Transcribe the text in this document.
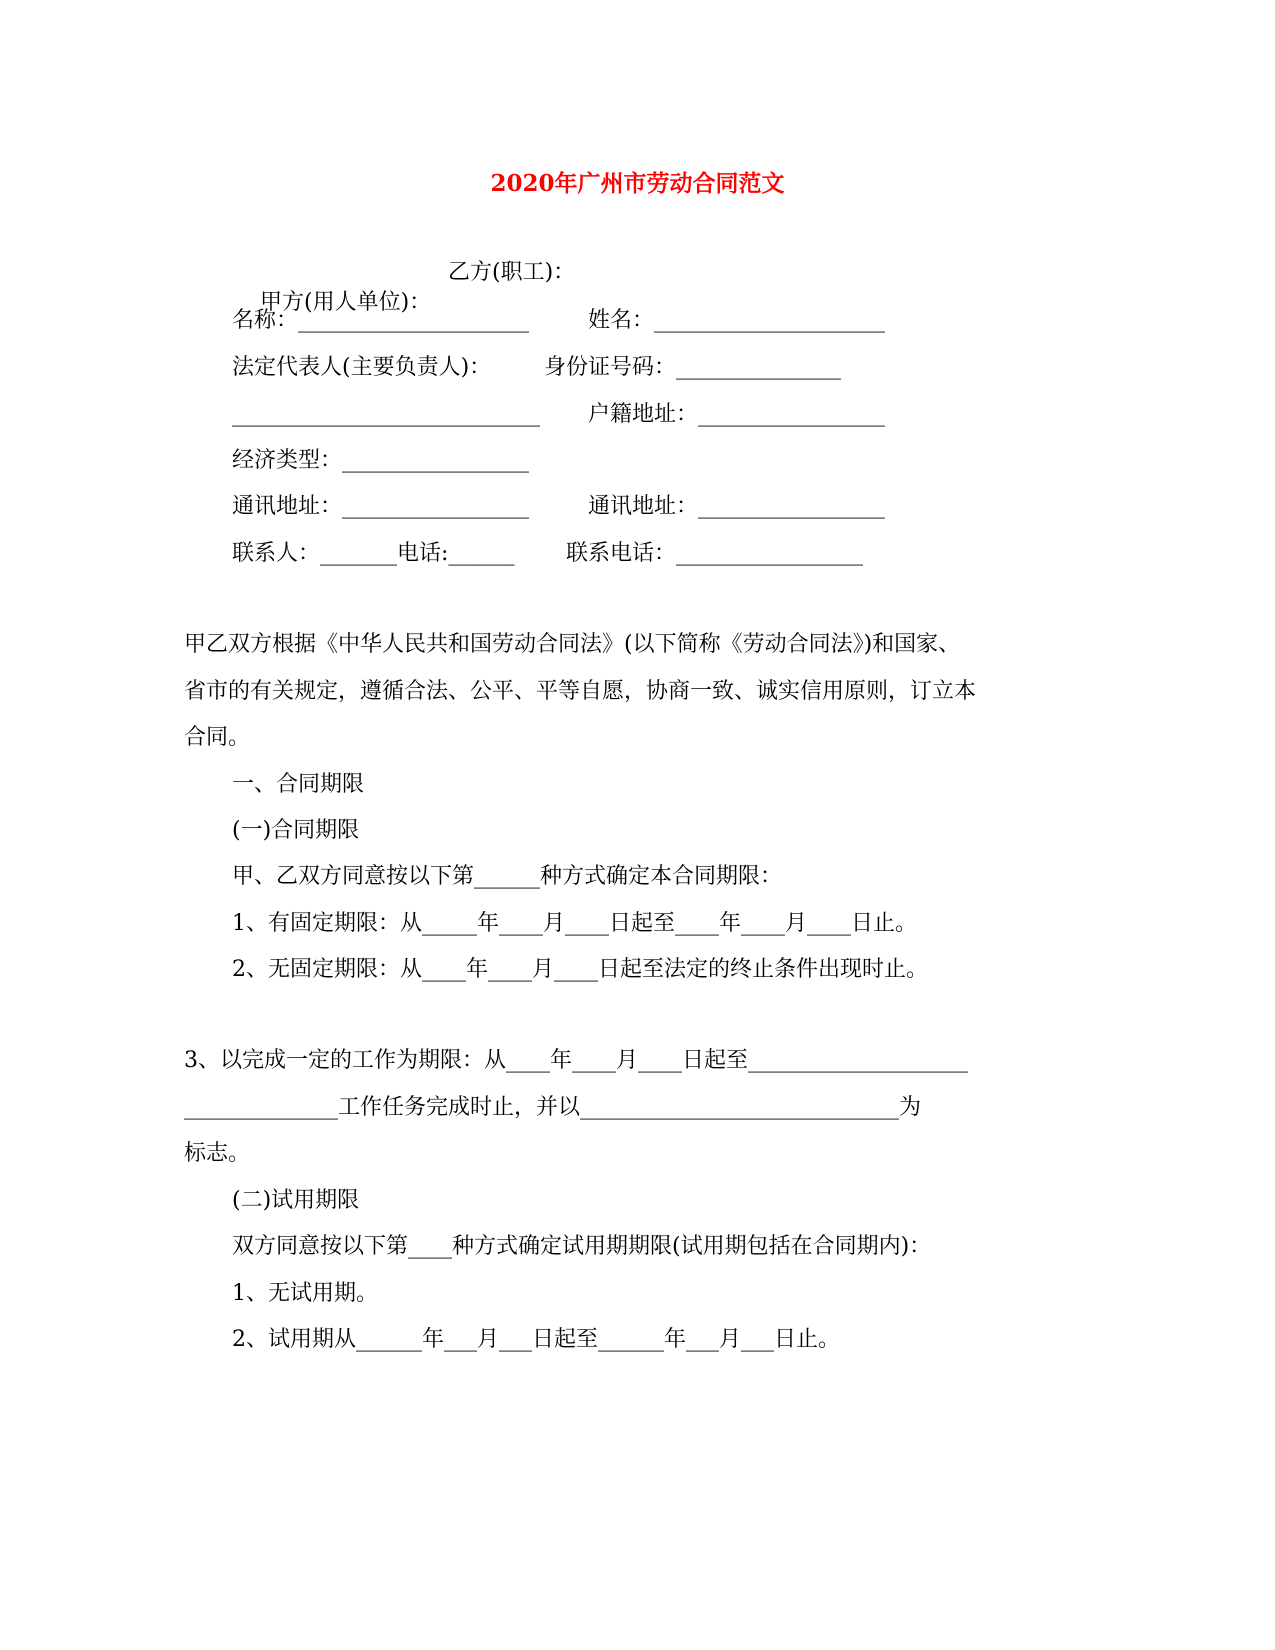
2020年广州市劳动合同范文

甲方(用人单位)：

乙方(职工)：
名称：_____________________	姓名：_____________________
法定代表人(主要负责人)： 身份证号码：_______________
____________________________ 户籍地址：_________________
经济类型：_________________
通讯地址：_________________	通讯地址：_________________
联系人：_______电话:______ 联系电话：_________________
甲乙双方根据《中华人民共和国劳动合同法》(以下简称《劳动合同法》)和国家、
省市的有关规定，遵循合法、公平、平等自愿，协商一致、诚实信用原则，订立本
合同。
一、合同期限
(一)合同期限
甲、乙双方同意按以下第______种方式确定本合同期限：
1、有固定期限：从_____年____月____日起至____年____月____日止。
2、无固定期限：从____年____月____日起至法定的终止条件出现时止。
3、以完成一定的工作为期限：从____年____月____日起至____________________
______________工作任务完成时止，并以_____________________________为
标志。
(二)试用期限
双方同意按以下第____种方式确定试用期期限(试用期包括在合同期内)：
1、无试用期。
2、试用期从______年___月___日起至______年___月___日止。
